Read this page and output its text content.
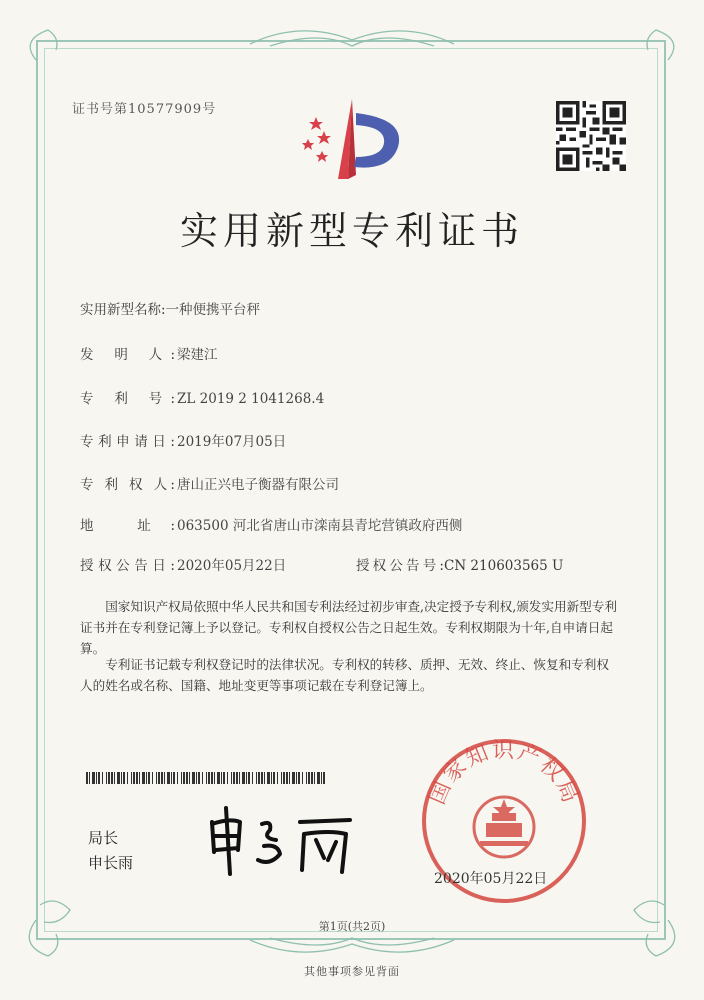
证书号第10577909号
实用新型专利证书
实用新型名称:一种便携平台秤
发 明 人: 梁建江
专 利 号: ZL 2019 2 1041268.4
专利申请日: 2019年07月05日
专 利 权 人: 唐山正兴电子衡器有限公司
地 址: 063500 河北省唐山市滦南县青坨营镇政府西侧
授权公告日: 2020年05月22日	授权公告号:CN 210603565 U
国家知识产权局依照中华人民共和国专利法经过初步审查,决定授予专利权,颁发实用新型专利证书并在专利登记簿上予以登记。专利权自授权公告之日起生效。专利权期限为十年,自申请日起算。
专利证书记载专利权登记时的法律状况。专利权的转移、质押、无效、终止、恢复和专利权人的姓名或名称、国籍、地址变更等事项记载在专利登记簿上。
局长
申长雨
国家知识产权局
2020年05月22日
第1页(共2页)
其他事项参见背面
